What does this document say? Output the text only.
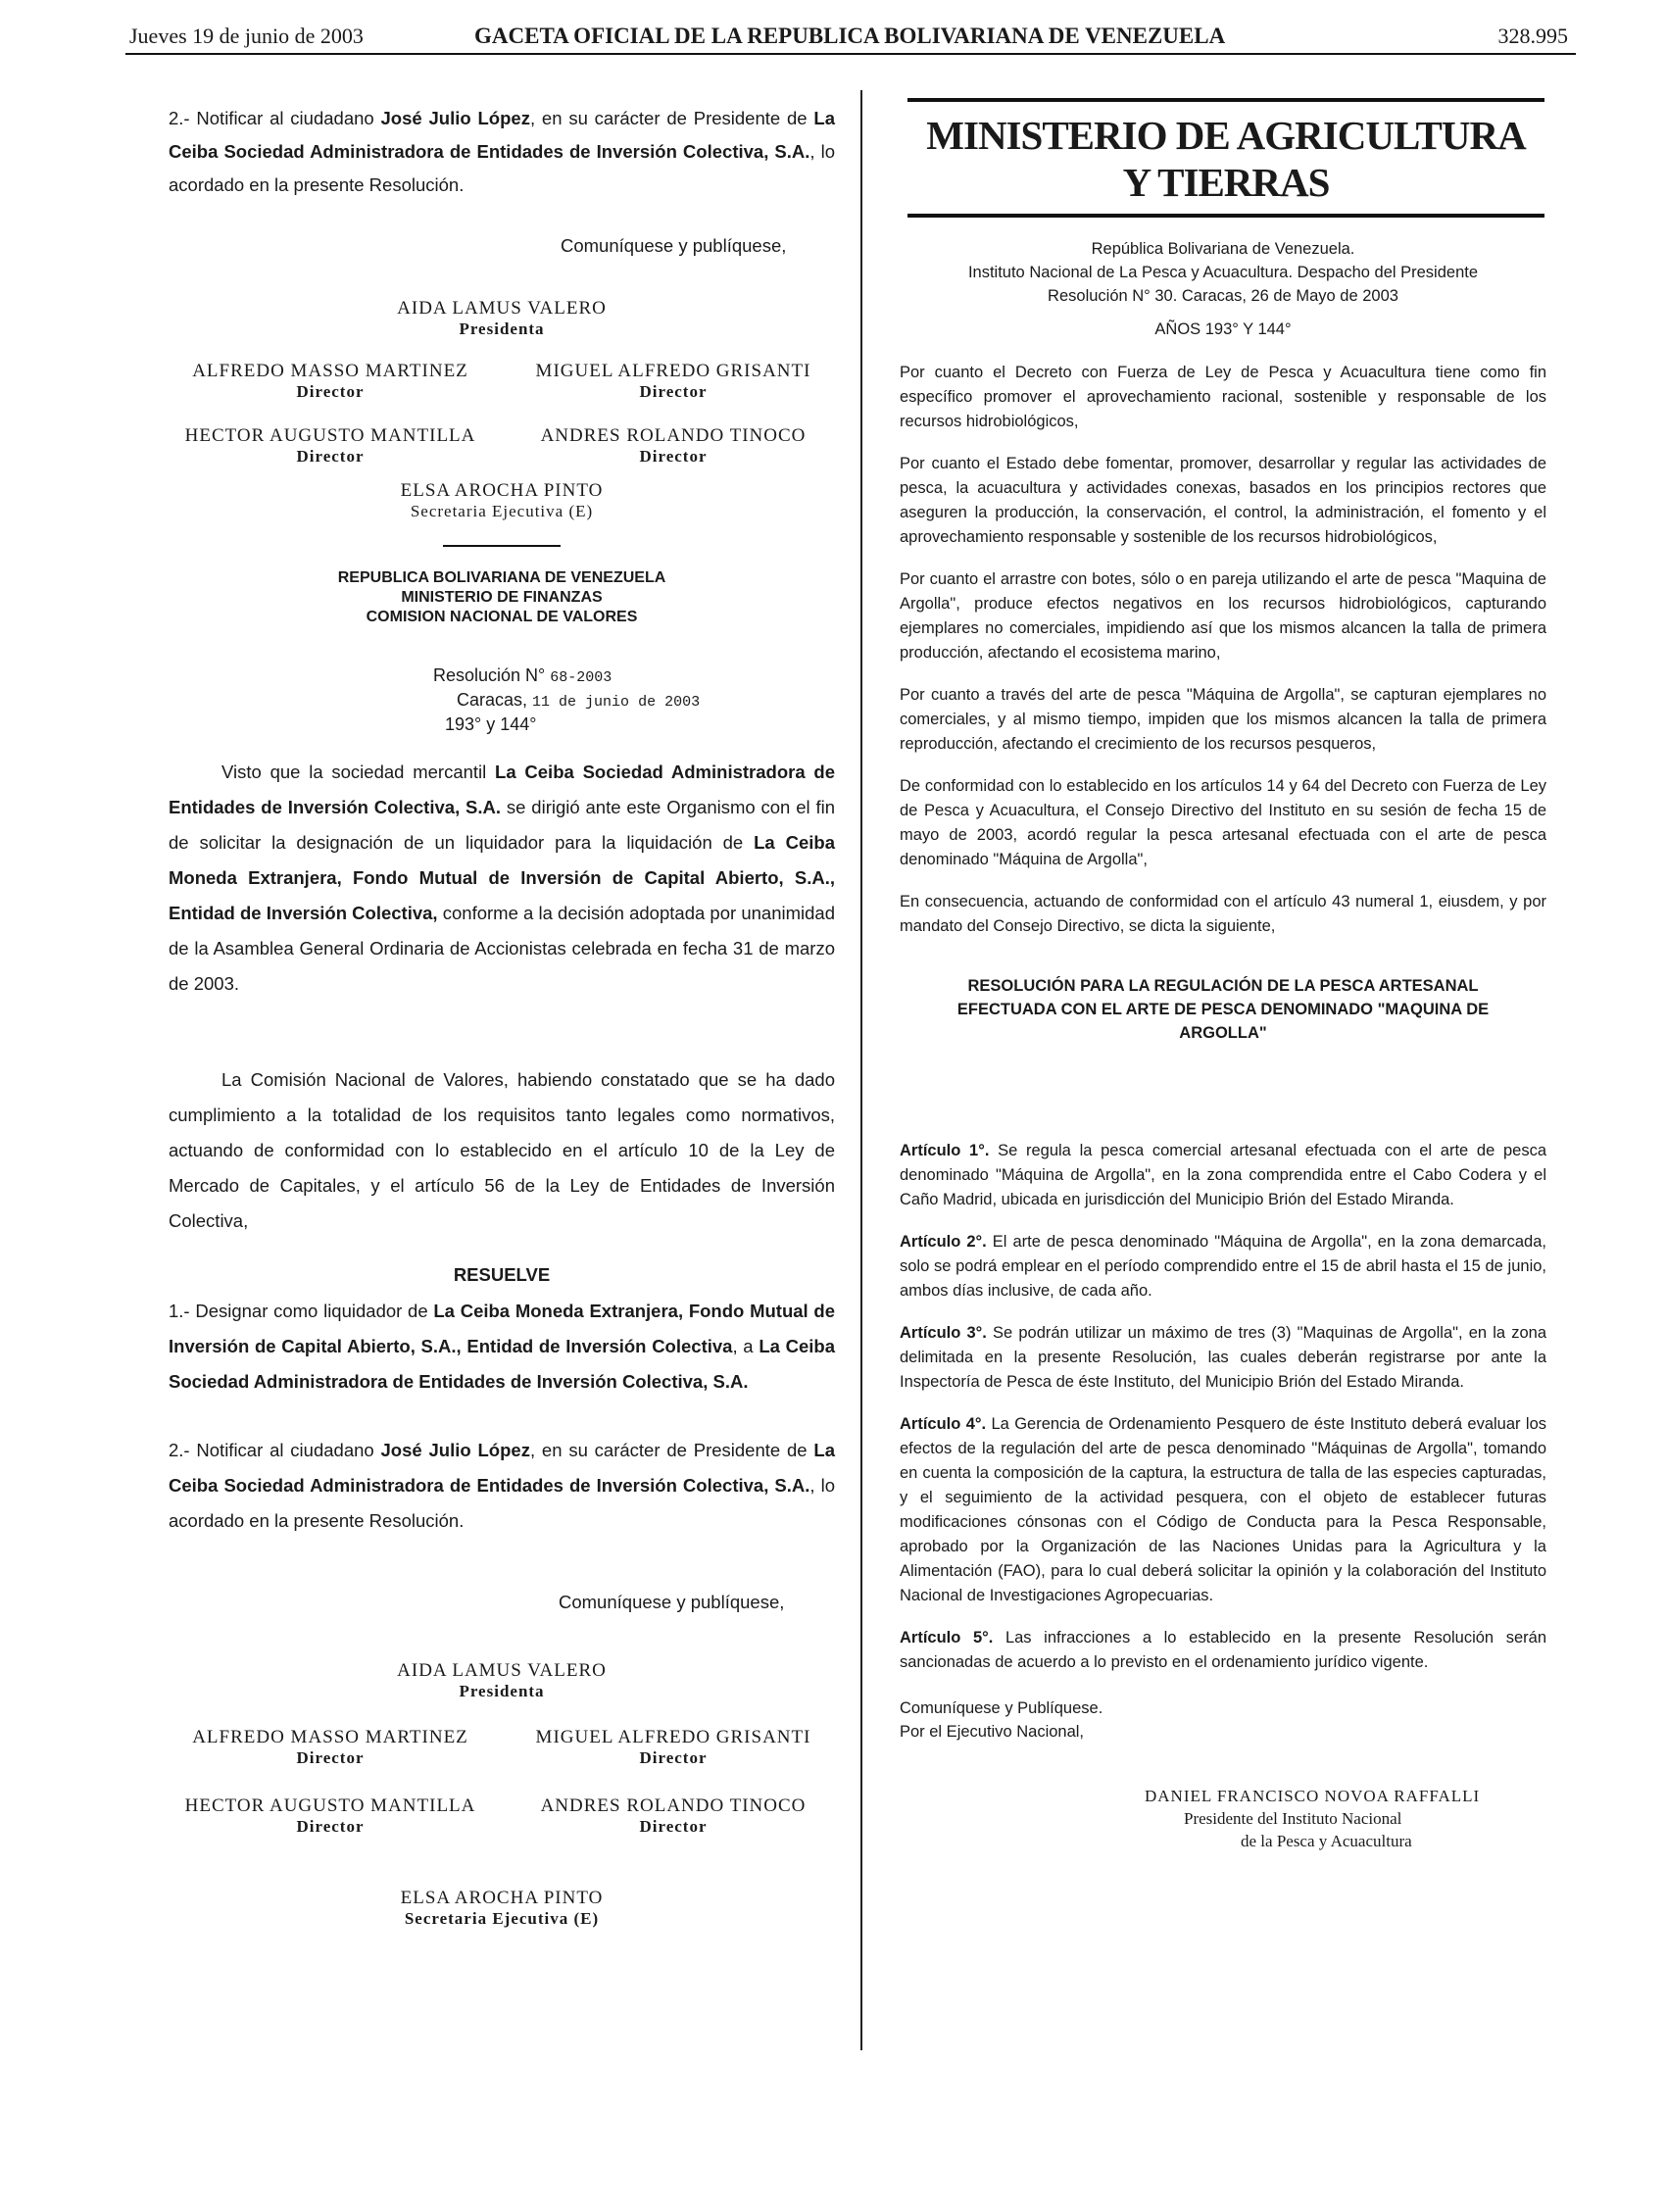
Jueves 19 de junio de 2003	GACETA OFICIAL DE LA REPUBLICA BOLIVARIANA DE VENEZUELA	328.995

2.- Notificar al ciudadano José Julio López, en su carácter de Presidente de La Ceiba Sociedad Administradora de Entidades de Inversión Colectiva, S.A., lo acordado en la presente Resolución.

Comuníquese y publíquese,

AIDA LAMUS VALERO
Presidenta
ALFREDO MASSO MARTINEZ
Director
MIGUEL ALFREDO GRISANTI
Director
HECTOR AUGUSTO MANTILLA
Director
ANDRES ROLANDO TINOCO
Director
ELSA AROCHA PINTO
Secretaria Ejecutiva (E)
REPUBLICA BOLIVARIANA DE VENEZUELA
MINISTERIO DE FINANZAS
COMISION NACIONAL DE VALORES
Resolución N° 68-2003
Caracas, 11 de junio de 2003
193° y 144°

Visto que la sociedad mercantil La Ceiba Sociedad Administradora de Entidades de Inversión Colectiva, S.A. se dirigió ante este Organismo con el fin de solicitar la designación de un liquidador para la liquidación de La Ceiba Moneda Extranjera, Fondo Mutual de Inversión de Capital Abierto, S.A., Entidad de Inversión Colectiva, conforme a la decisión adoptada por unanimidad de la Asamblea General Ordinaria de Accionistas celebrada en fecha 31 de marzo de 2003.

La Comisión Nacional de Valores, habiendo constatado que se ha dado cumplimiento a la totalidad de los requisitos tanto legales como normativos, actuando de conformidad con lo establecido en el artículo 10 de la Ley de Mercado de Capitales, y el artículo 56 de la Ley de Entidades de Inversión Colectiva,

RESUELVE

1.- Designar como liquidador de La Ceiba Moneda Extranjera, Fondo Mutual de Inversión de Capital Abierto, S.A., Entidad de Inversión Colectiva, a La Ceiba Sociedad Administradora de Entidades de Inversión Colectiva, S.A.

2.- Notificar al ciudadano José Julio López, en su carácter de Presidente de La Ceiba Sociedad Administradora de Entidades de Inversión Colectiva, S.A., lo acordado en la presente Resolución.

Comuníquese y publíquese,

AIDA LAMUS VALERO
Presidenta
ALFREDO MASSO MARTINEZ
Director
MIGUEL ALFREDO GRISANTI
Director
HECTOR AUGUSTO MANTILLA
Director
ANDRES ROLANDO TINOCO
Director
ELSA AROCHA PINTO
Secretaria Ejecutiva (E)
MINISTERIO DE AGRICULTURA
Y TIERRAS
República Bolivariana de Venezuela.
Instituto Nacional de La Pesca y Acuacultura. Despacho del Presidente
Resolución N° 30. Caracas, 26 de Mayo de 2003
AÑOS 193° Y 144°

Por cuanto el Decreto con Fuerza de Ley de Pesca y Acuacultura tiene como fin específico promover el aprovechamiento racional, sostenible y responsable de los recursos hidrobiológicos,

Por cuanto el Estado debe fomentar, promover, desarrollar y regular las actividades de pesca, la acuacultura y actividades conexas, basados en los principios rectores que aseguren la producción, la conservación, el control, la administración, el fomento y el aprovechamiento responsable y sostenible de los recursos hidrobiológicos,

Por cuanto el arrastre con botes, sólo o en pareja utilizando el arte de pesca "Maquina de Argolla", produce efectos negativos en los recursos hidrobiológicos, capturando ejemplares no comerciales, impidiendo así que los mismos alcancen la talla de primera producción, afectando el ecosistema marino,

Por cuanto a través del arte de pesca "Máquina de Argolla", se capturan ejemplares no comerciales, y al mismo tiempo, impiden que los mismos alcancen la talla de primera reproducción, afectando el crecimiento de los recursos pesqueros,

De conformidad con lo establecido en los artículos 14 y 64 del Decreto con Fuerza de Ley de Pesca y Acuacultura, el Consejo Directivo del Instituto en su sesión de fecha 15 de mayo de 2003, acordó regular la pesca artesanal efectuada con el arte de pesca denominado "Máquina de Argolla",

En consecuencia, actuando de conformidad con el artículo 43 numeral 1, eiusdem, y por mandato del Consejo Directivo, se dicta la siguiente,

RESOLUCIÓN PARA LA REGULACIÓN DE LA PESCA ARTESANAL EFECTUADA CON EL ARTE DE PESCA DENOMINADO "MAQUINA DE ARGOLLA"

Artículo 1°. Se regula la pesca comercial artesanal efectuada con el arte de pesca denominado "Máquina de Argolla", en la zona comprendida entre el Cabo Codera y el Caño Madrid, ubicada en jurisdicción del Municipio Brión del Estado Miranda.

Artículo 2°. El arte de pesca denominado "Máquina de Argolla", en la zona demarcada, solo se podrá emplear en el período comprendido entre el 15 de abril hasta el 15 de junio, ambos días inclusive, de cada año.

Artículo 3°. Se podrán utilizar un máximo de tres (3) "Maquinas de Argolla", en la zona delimitada en la presente Resolución, las cuales deberán registrarse por ante la Inspectoría de Pesca de éste Instituto, del Municipio Brión del Estado Miranda.

Artículo 4°. La Gerencia de Ordenamiento Pesquero de éste Instituto deberá evaluar los efectos de la regulación del arte de pesca denominado "Máquinas de Argolla", tomando en cuenta la composición de la captura, la estructura de talla de las especies capturadas, y el seguimiento de la actividad pesquera, con el objeto de establecer futuras modificaciones cónsonas con el Código de Conducta para la Pesca Responsable, aprobado por la Organización de las Naciones Unidas para la Agricultura y la Alimentación (FAO), para lo cual deberá solicitar la opinión y la colaboración del Instituto Nacional de Investigaciones Agropecuarias.

Artículo 5°. Las infracciones a lo establecido en la presente Resolución serán sancionadas de acuerdo a lo previsto en el ordenamiento jurídico vigente.

Comuníquese y Publíquese.
Por el Ejecutivo Nacional,
DANIEL FRANCISCO NOVOA RAFFALLI
Presidente del Instituto Nacional
de la Pesca y Acuacultura
